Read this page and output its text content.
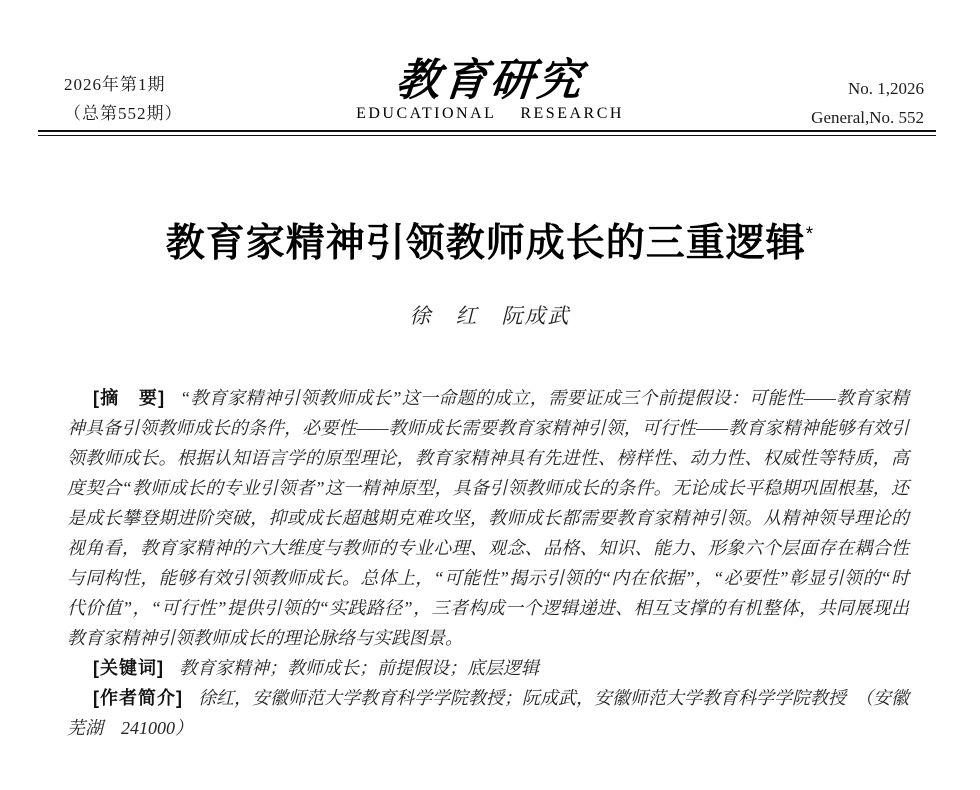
2026年第1期
（总第552期）
教育研究
EDUCATIONAL RESEARCH
No. 1,2026
General,No. 552
教育家精神引领教师成长的三重逻辑*
徐　红　阮成武

[摘　要] “教育家精神引领教师成长”这一命题的成立，需要证成三个前提假设：可能性——教育家精神具备引领教师成长的条件，必要性——教师成长需要教育家精神引领，可行性——教育家精神能够有效引领教师成长。根据认知语言学的原型理论，教育家精神具有先进性、榜样性、动力性、权威性等特质，高度契合“教师成长的专业引领者”这一精神原型，具备引领教师成长的条件。无论成长平稳期巩固根基，还是成长攀登期进阶突破，抑或成长超越期克难攻坚，教师成长都需要教育家精神引领。从精神领导理论的视角看，教育家精神的六大维度与教师的专业心理、观念、品格、知识、能力、形象六个层面存在耦合性与同构性，能够有效引领教师成长。总体上，“可能性”揭示引领的“内在依据”，“必要性”彰显引领的“时代价值”，“可行性”提供引领的“实践路径”，三者构成一个逻辑递进、相互支撑的有机整体，共同展现出教育家精神引领教师成长的理论脉络与实践图景。

[关键词] 教育家精神；教师成长；前提假设；底层逻辑

[作者简介] 徐红，安徽师范大学教育科学学院教授；阮成武，安徽师范大学教育科学学院教授　（安徽芜湖　241000）
